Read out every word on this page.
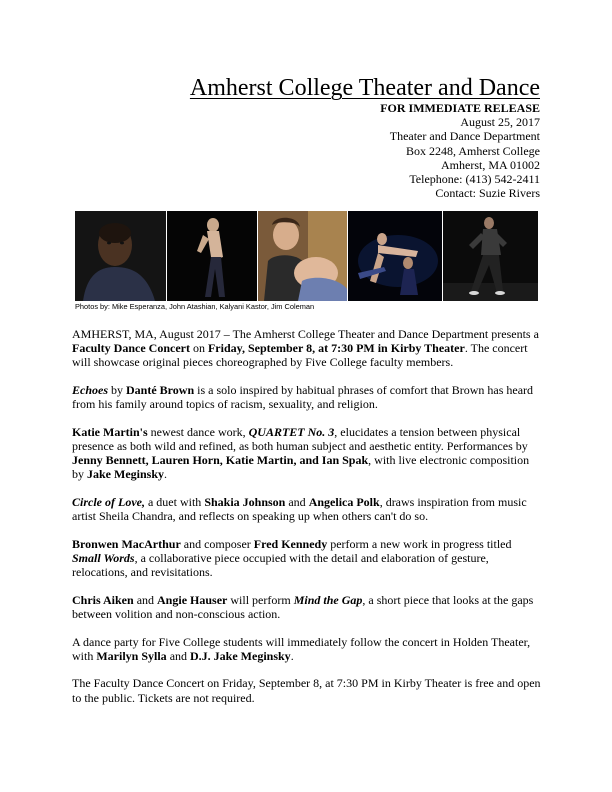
Amherst College Theater and Dance
FOR IMMEDIATE RELEASE
August 25, 2017
Theater and Dance Department
Box 2248, Amherst College
Amherst, MA 01002
Telephone: (413) 542-2411
Contact: Suzie Rivers
Photos by: Mike Esperanza, John Atashian, Kalyani Kastor, Jim Coleman

AMHERST, MA, August 2017 – The Amherst College Theater and Dance Department presents a Faculty Dance Concert on Friday, September 8, at 7:30 PM in Kirby Theater. The concert will showcase original pieces choreographed by Five College faculty members.

Echoes by Danté Brown is a solo inspired by habitual phrases of comfort that Brown has heard from his family around topics of racism, sexuality, and religion.

Katie Martin's newest dance work, QUARTET No. 3, elucidates a tension between physical presence as both wild and refined, as both human subject and aesthetic entity. Performances by Jenny Bennett, Lauren Horn, Katie Martin, and Ian Spak, with live electronic composition by Jake Meginsky.

Circle of Love, a duet with Shakia Johnson and Angelica Polk, draws inspiration from music artist Sheila Chandra, and reflects on speaking up when others can't do so.

Bronwen MacArthur and composer Fred Kennedy perform a new work in progress titled Small Words, a collaborative piece occupied with the detail and elaboration of gesture, relocations, and revisitations.

Chris Aiken and Angie Hauser will perform Mind the Gap, a short piece that looks at the gaps between volition and non-conscious action.

A dance party for Five College students will immediately follow the concert in Holden Theater, with Marilyn Sylla and D.J. Jake Meginsky.

The Faculty Dance Concert on Friday, September 8, at 7:30 PM in Kirby Theater is free and open to the public. Tickets are not required.
